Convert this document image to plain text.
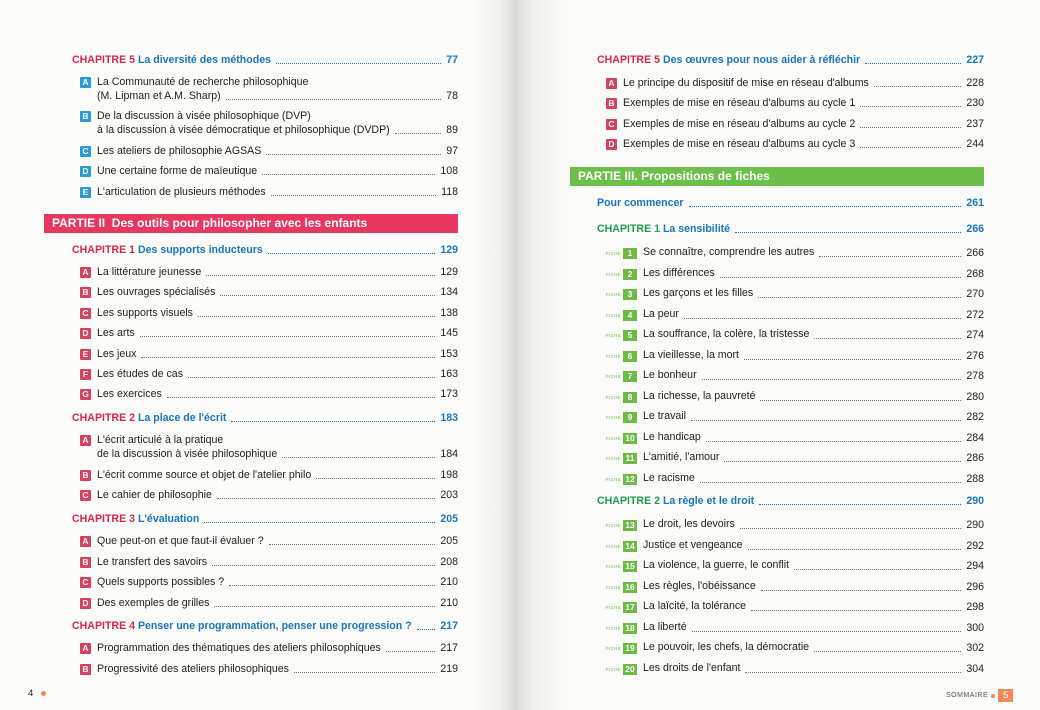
CHAPITRE 5 La diversité des méthodes	77
A La Communauté de recherche philosophique
(M. Lipman et A.M. Sharp)	78
B De la discussion à visée philosophique (DVP)
à la discussion à visée démocratique et philosophique (DVDP)	89
C Les ateliers de philosophie AGSAS	97
D Une certaine forme de maïeutique	108
E L'articulation de plusieurs méthodes	118
PARTIE II Des outils pour philosopher avec les enfants
CHAPITRE 1 Des supports inducteurs	129
A La littérature jeunesse	129
B Les ouvrages spécialisés	134
C Les supports visuels	138
D Les arts	145
E Les jeux	153
F Les études de cas	163
G Les exercices	173
CHAPITRE 2 La place de l'écrit	183
A L'écrit articulé à la pratique
de la discussion à visée philosophique	184
B L'écrit comme source et objet de l'atelier philo	198
C Le cahier de philosophie	203
CHAPITRE 3 L'évaluation	205
A Que peut-on et que faut-il évaluer ?	205
B Le transfert des savoirs	208
C Quels supports possibles ?	210
D Des exemples de grilles	210
CHAPITRE 4 Penser une programmation, penser une progression ?	217
A Programmation des thématiques des ateliers philosophiques	217
B Progressivité des ateliers philosophiques	219
4
CHAPITRE 5 Des œuvres pour nous aider à réfléchir	227
A Le principe du dispositif de mise en réseau d'albums	228
B Exemples de mise en réseau d'albums au cycle 1	230
C Exemples de mise en réseau d'albums au cycle 2	237
D Exemples de mise en réseau d'albums au cycle 3	244
PARTIE III. Propositions de fiches
Pour commencer	261
CHAPITRE 1 La sensibilité	266
FICHE 1	Se connaître, comprendre les autres	266
FICHE 2	Les différences	268
FICHE 3	Les garçons et les filles	270
FICHE 4	La peur	272
FICHE 5	La souffrance, la colère, la tristesse	274
FICHE 6	La vieillesse, la mort	276
FICHE 7	Le bonheur	278
FICHE 8	La richesse, la pauvreté	280
FICHE 9	Le travail	282
FICHE 10 Le handicap	284
FICHE 11 L'amitié, l'amour	286
FICHE 12 Le racisme	288
CHAPITRE 2 La règle et le droit	290
FICHE 13 Le droit, les devoirs	290
FICHE 14 Justice et vengeance	292
FICHE 15 La violence, la guerre, le conflit	294
FICHE 16 Les règles, l'obéissance	296
FICHE 17 La laïcité, la tolérance	298
FICHE 18 La liberté	300
FICHE 19 Le pouvoir, les chefs, la démocratie	302
FICHE 20 Les droits de l'enfant	304
SOMMAIRE	5
